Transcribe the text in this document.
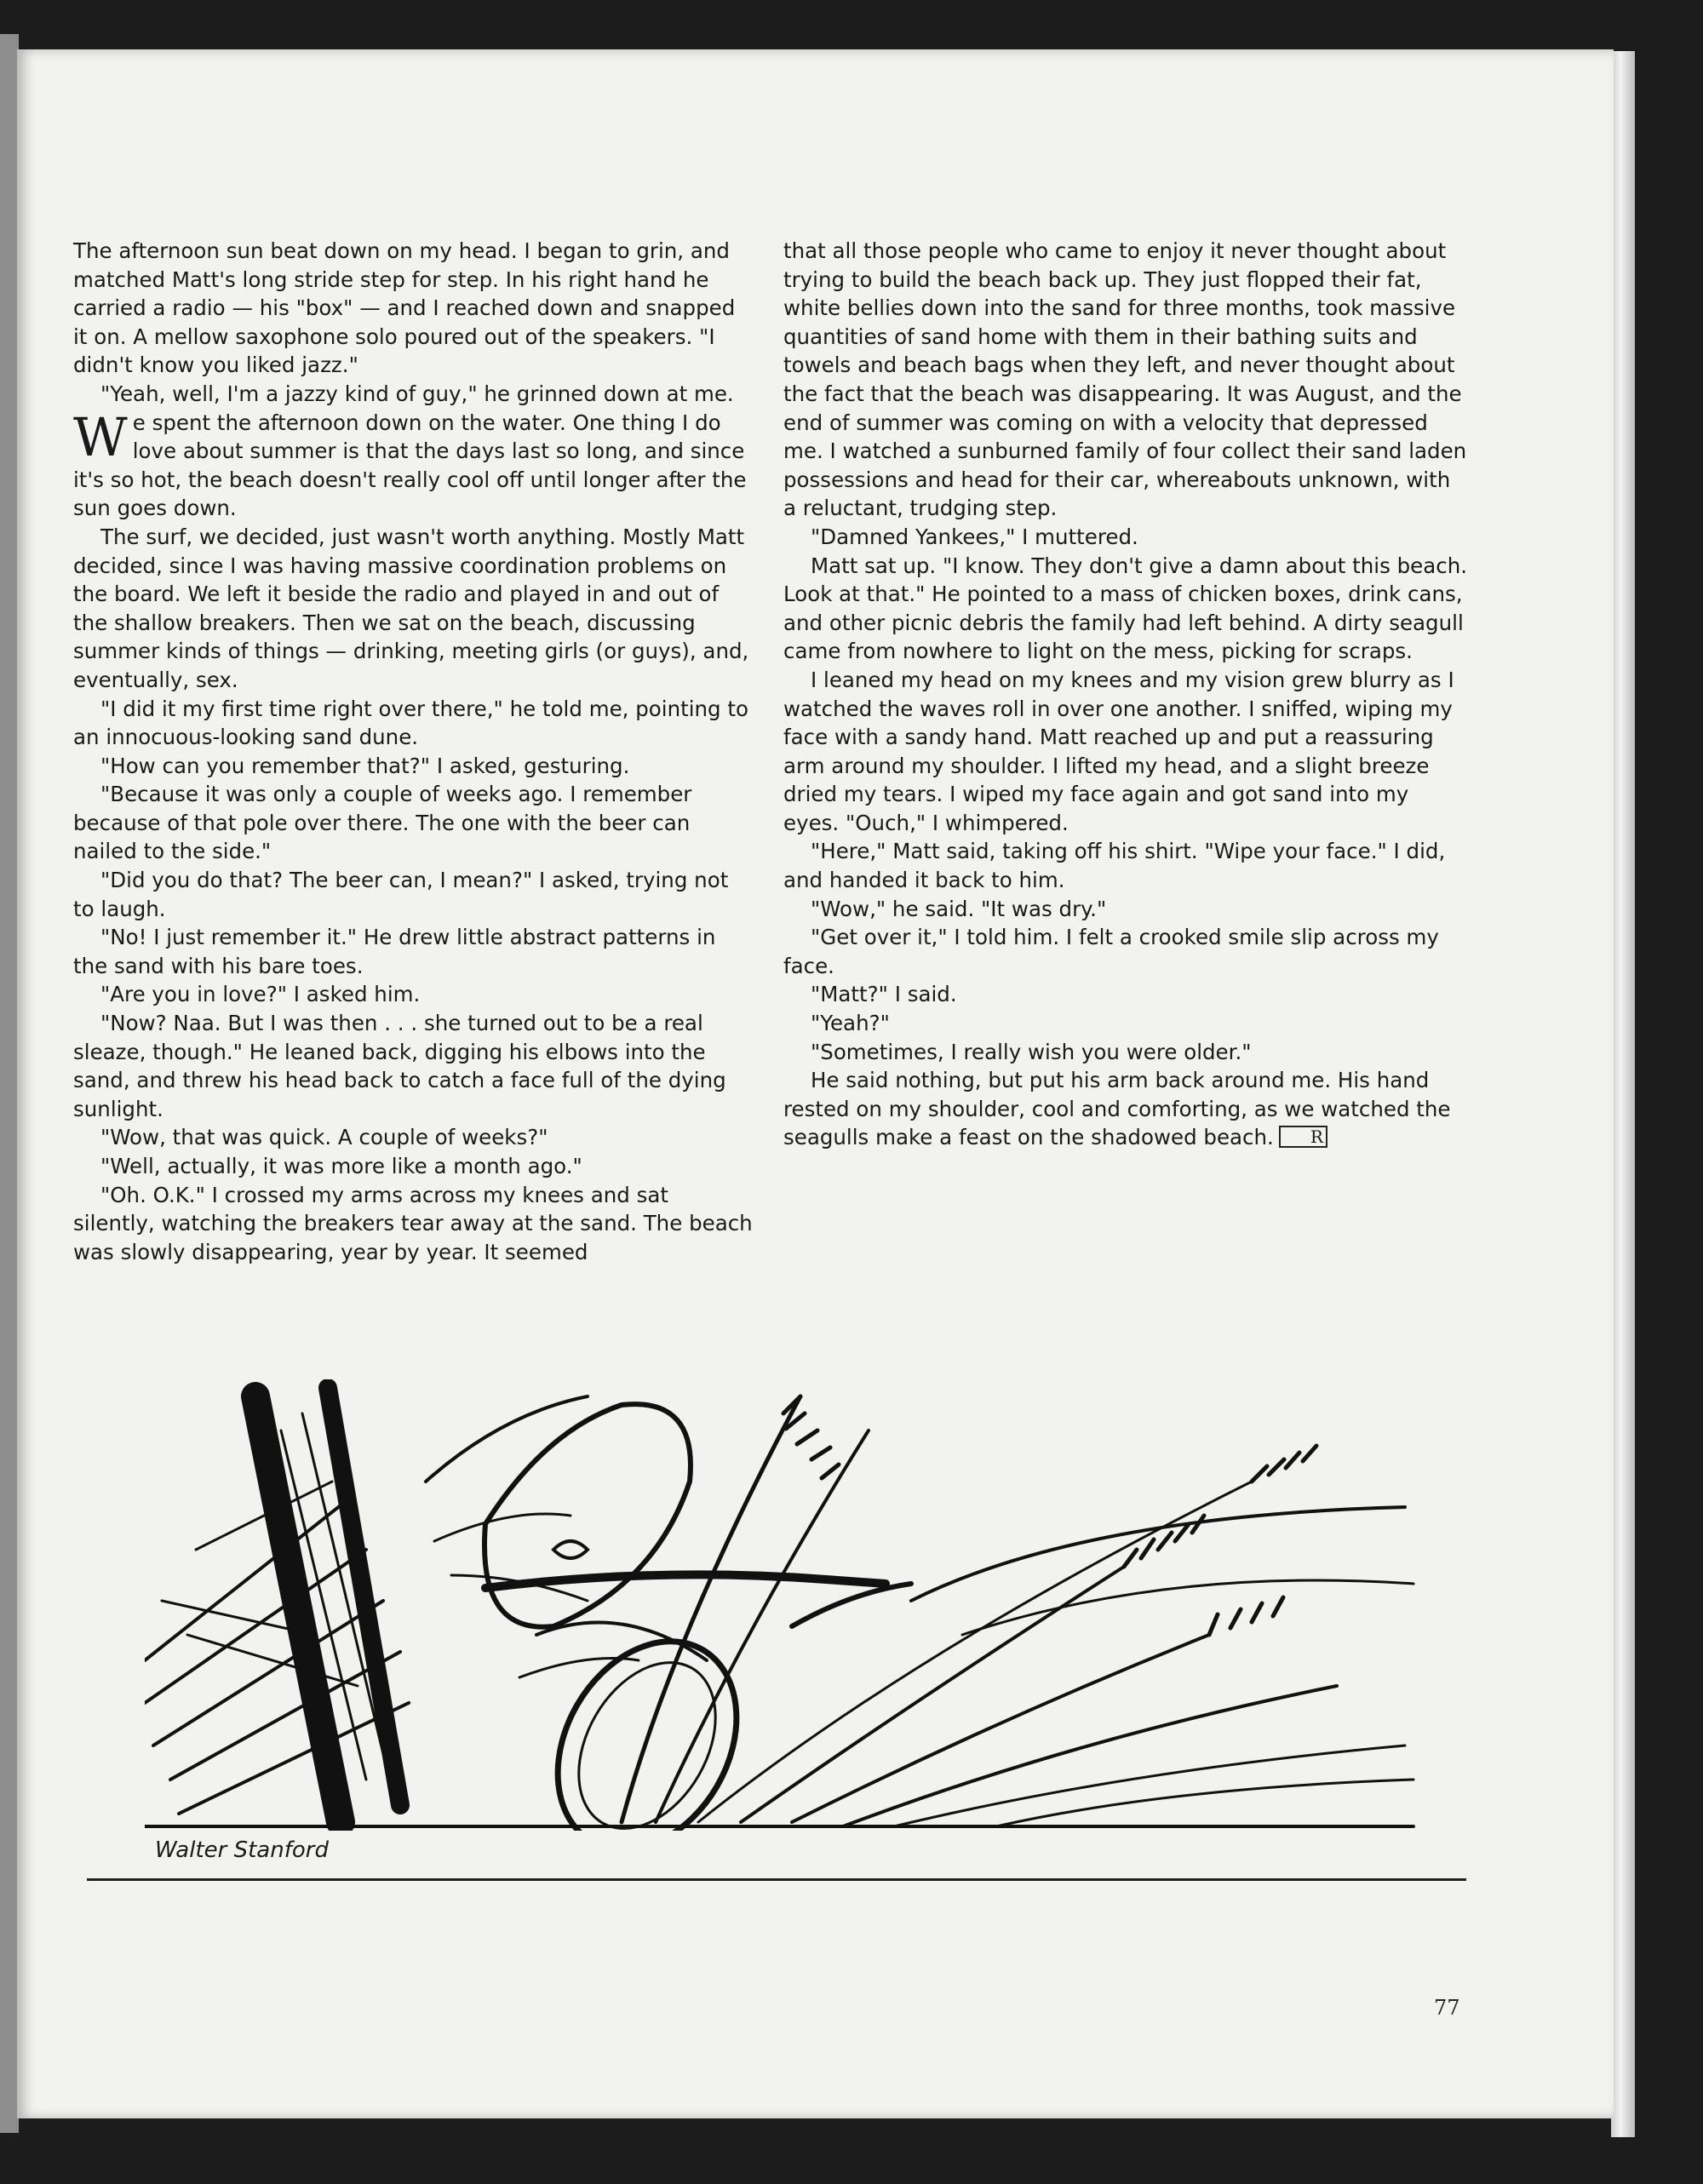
The afternoon sun beat down on my head. I began to grin, and matched Matt's long stride step for step. In his right hand he carried a radio — his "box" — and I reached down and snapped it on. A mellow saxophone solo poured out of the speakers. "I didn't know you liked jazz."

"Yeah, well, I'm a jazzy kind of guy," he grinned down at me.

We spent the afternoon down on the water. One thing I do love about summer is that the days last so long, and since it's so hot, the beach doesn't really cool off until longer after the sun goes down.

The surf, we decided, just wasn't worth anything. Mostly Matt decided, since I was having massive coordination problems on the board. We left it beside the radio and played in and out of the shallow breakers. Then we sat on the beach, discussing summer kinds of things — drinking, meeting girls (or guys), and, eventually, sex.

"I did it my first time right over there," he told me, pointing to an innocuous-looking sand dune.

"How can you remember that?" I asked, gesturing.

"Because it was only a couple of weeks ago. I remember because of that pole over there. The one with the beer can nailed to the side."

"Did you do that? The beer can, I mean?" I asked, trying not to laugh.

"No! I just remember it." He drew little abstract patterns in the sand with his bare toes.

"Are you in love?" I asked him.

"Now? Naa. But I was then . . . she turned out to be a real sleaze, though." He leaned back, digging his elbows into the sand, and threw his head back to catch a face full of the dying sunlight.

"Wow, that was quick. A couple of weeks?"

"Well, actually, it was more like a month ago."

"Oh. O.K." I crossed my arms across my knees and sat silently, watching the breakers tear away at the sand. The beach was slowly disappearing, year by year. It seemed

that all those people who came to enjoy it never thought about trying to build the beach back up. They just flopped their fat, white bellies down into the sand for three months, took massive quantities of sand home with them in their bathing suits and towels and beach bags when they left, and never thought about the fact that the beach was disappearing. It was August, and the end of summer was coming on with a velocity that depressed me. I watched a sunburned family of four collect their sand laden possessions and head for their car, whereabouts unknown, with a reluctant, trudging step.

"Damned Yankees," I muttered.

Matt sat up. "I know. They don't give a damn about this beach. Look at that." He pointed to a mass of chicken boxes, drink cans, and other picnic debris the family had left behind. A dirty seagull came from nowhere to light on the mess, picking for scraps.

I leaned my head on my knees and my vision grew blurry as I watched the waves roll in over one another. I sniffed, wiping my face with a sandy hand. Matt reached up and put a reassuring arm around my shoulder. I lifted my head, and a slight breeze dried my tears. I wiped my face again and got sand into my eyes. "Ouch," I whimpered.

"Here," Matt said, taking off his shirt. "Wipe your face." I did, and handed it back to him.

"Wow," he said. "It was dry."

"Get over it," I told him. I felt a crooked smile slip across my face.

"Matt?" I said.

"Yeah?"

"Sometimes, I really wish you were older."

He said nothing, but put his arm back around me. His hand rested on my shoulder, cool and comforting, as we watched the seagulls make a feast on the shadowed beach. R

Walter Stanford
77
